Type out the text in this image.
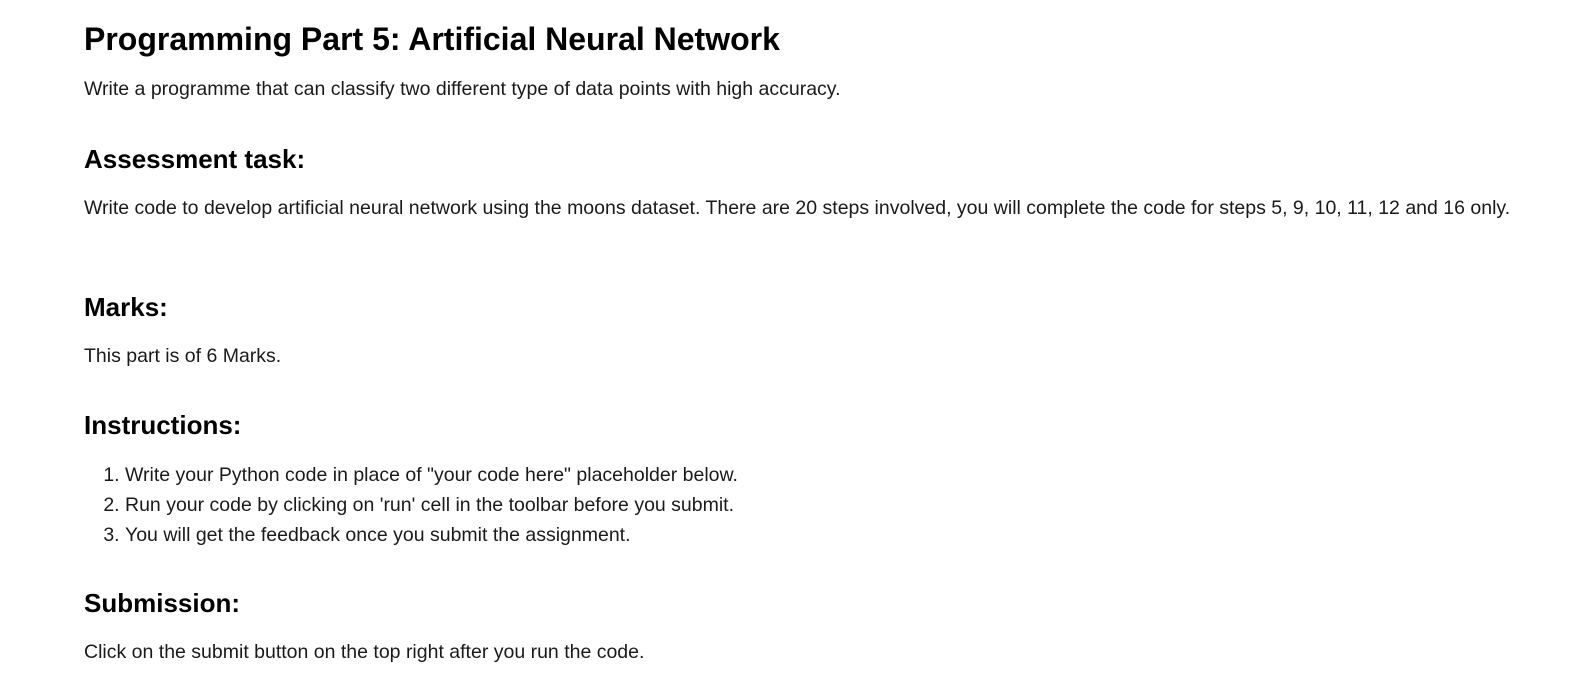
Programming Part 5: Artificial Neural Network

Write a programme that can classify two different type of data points with high accuracy.

Assessment task:

Write code to develop artificial neural network using the moons dataset. There are 20 steps involved, you will complete the code for steps 5, 9, 10, 11, 12 and 16 only.

Marks:

This part is of 6 Marks.

Instructions:
1. Write your Python code in place of "your code here" placeholder below.
2. Run your code by clicking on 'run' cell in the toolbar before you submit.
3. You will get the feedback once you submit the assignment.
Submission:

Click on the submit button on the top right after you run the code.
